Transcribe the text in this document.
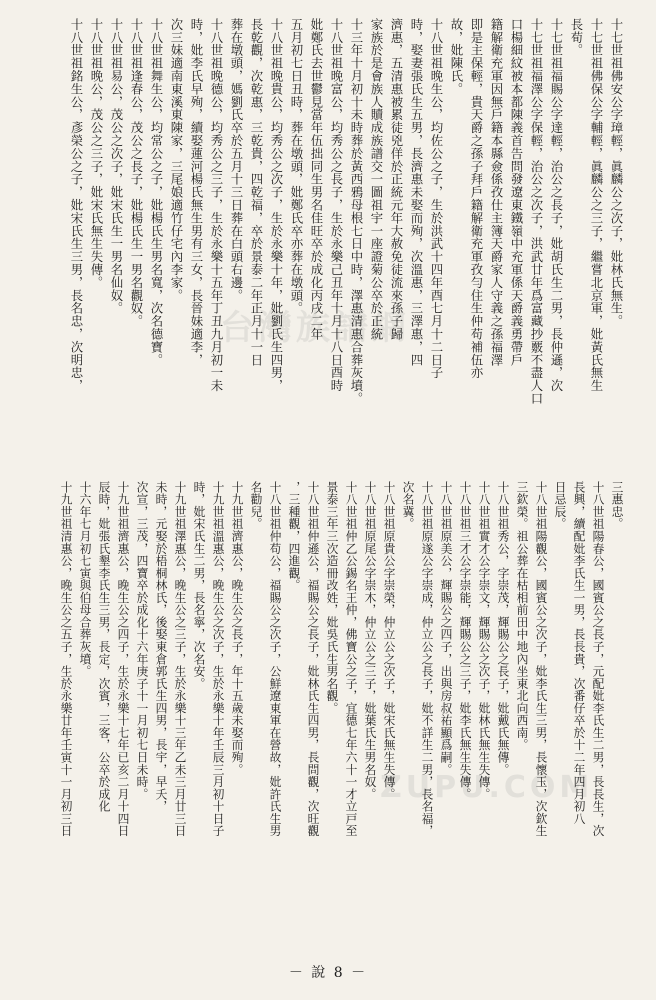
台灣族譜網
ZUPU.COM
十七世祖佛安公字璋輕，眞麟公之次子，妣林氏無生。
十七世祖佛保公字輔輕，眞麟公之三子，繼嘗北京軍，妣黃氏無生
長荀。
十七世祖福賜公字達輕，治公之長子，妣胡氏生二男，長仲遜，次
十七世祖福澤公字保輕，治公之次子，洪武廿年爲富藏抄覈不盡人口
口楊細紋被本都陳義首告問發遼東鐵嶺中充軍係天爵義勇帶戶
籍解衛充軍因無戶籍本縣僉係孜仕主簿天爵家人守義之孫福澤
即是主保輕，貴天爵之孫子拜戶籍解衛充軍孜勻住生仲苟補伍亦
故，妣陳氏。
十八世祖晚生公，均佐公之子，生於洪武十四年酉七月十二日子
時，娶妻張氏生五男，長濟惠未娶而殉，次溫惠，三澤惠，四
濟惠，五清惠被累徒兇佯於正統元年大赦免徒流來孫子歸
家族於是會族人贖成族譜交一圖祖宇一座證菊公卒於正統
十三年十月初十未時葬於黃西鴉母根七日中時，澤惠清惠合葬灰墳。
十八世祖晚富公，均秀公之長子，生於永樂己丑年十月十八日酉時
妣鄭氏去世鬱見當年伍拙同生男名佳旺卒於成化丙戌二年
五月初七日丑時，葬在墩頭，妣鄭氏卒亦葬在墩頭。
十八世祖晚貴公，均秀公之次子，生於永樂十年，妣劉氏生四男，
長乾觀，次乾惠，三乾貴，四乾福，卒於景泰二年正月十一日
葬在墩頭，媽劉氏卒於五月十三日葬在白頭右邊。
十八世祖晚德公，均秀公之三子，生於永樂十五年丁丑九月初一未
時，妣李氏早殉，續娶蓮河楊氏無生男有三女，長晉妹適李，
次三妹適南東溪東陳家，三尾娘適竹仔宅內李家。
十八世祖舞生公，均常公之子，妣楊氏生男名寬，次名德寶。
十八世祖逢春公，茂公之長子，妣楊氏生一男名觀奴。
十八世祖易公，茂公之次子，妣宋氏生一男名仙奴。
十八世祖晚公，茂公之三子，妣宋氏無生失傳。
十八世祖銘生公，彥榮公之子，妣宋氏生三男，長名忠，次明忠，
三惠忠。
十八世祖陽春公，國賓公之長子，元配妣李氏生二男，長長生，次
長興，續配妣李氏生一男，長長貴，次番仔卒於十二年四月初八
日忌辰。
十八世祖陽觀公，國賓公之次子，妣李氏生三男，長懷玉，次欽生
三欽榮。祖公葬在枯相前田中地內坐東北向西南。
十八世祖秀公，字崇茂，輝賜公之長子，妣戴氏無傳。
十八世祖實才公字崇文，輝賜公之次子，妣林氏無生失傳。
十八世祖三才公字崇能，輝賜公之三子，妣李氏無生失傳。
十八世祖原美公，輝賜公之四子，出與房叔祐顯爲嗣。
十八世祖原遂公字崇成，仲立公之長子，妣不詳生二男，長名福，
次名冀。
十八世祖原貴公字崇榮，仲立公之次子，妣宋氏無生失傳。
十八世祖原尾公字崇木，仲立公之三子，妣葉氏生男名奴。
十八世祖仲乙公錫名王仲，佛寶公之子，宜德七年六十一才立戸至
景泰三年三次造冊改姓，妣吳氏生男名觀。
十八世祖仲遜公，福賜公之長子，妣林氏生四男，長問觀，次旺觀
，三種觀，四進觀。
十八世祖仲苟公，福賜公之次子，公鮮遼東軍在營故，妣許氏生男
名勸兒。
十九世祖濟惠公，晚生公之長子，年十五歲未娶而殉。
十九世祖溫惠公，晚生公之次子，生於永樂十年壬辰三月初十日子
時，妣宋氏生二男，長名寧，次名安。
十九世祖澤惠公，晚生公之三子，生於永樂十三年乙未三月廿三日
未時，元娶於梧桐林氏，後娶東倉郭氏生四男，長宇，早夭，
次宣，三茂，四寶卒於成化十六年庚子十一月初七日未時。
十九世祖濟惠公，晚生公之四子，生於永樂十七年已亥二月十四日
辰時，妣張氏墾李氏生三男，長定，次賓，三客，公卒於成化
十六年七月初七寅與伯母合葬灰墳。
十九世祖清惠公，晚生公之五子，生於永樂廿年壬寅十一月初三日
－ 說 8 －
